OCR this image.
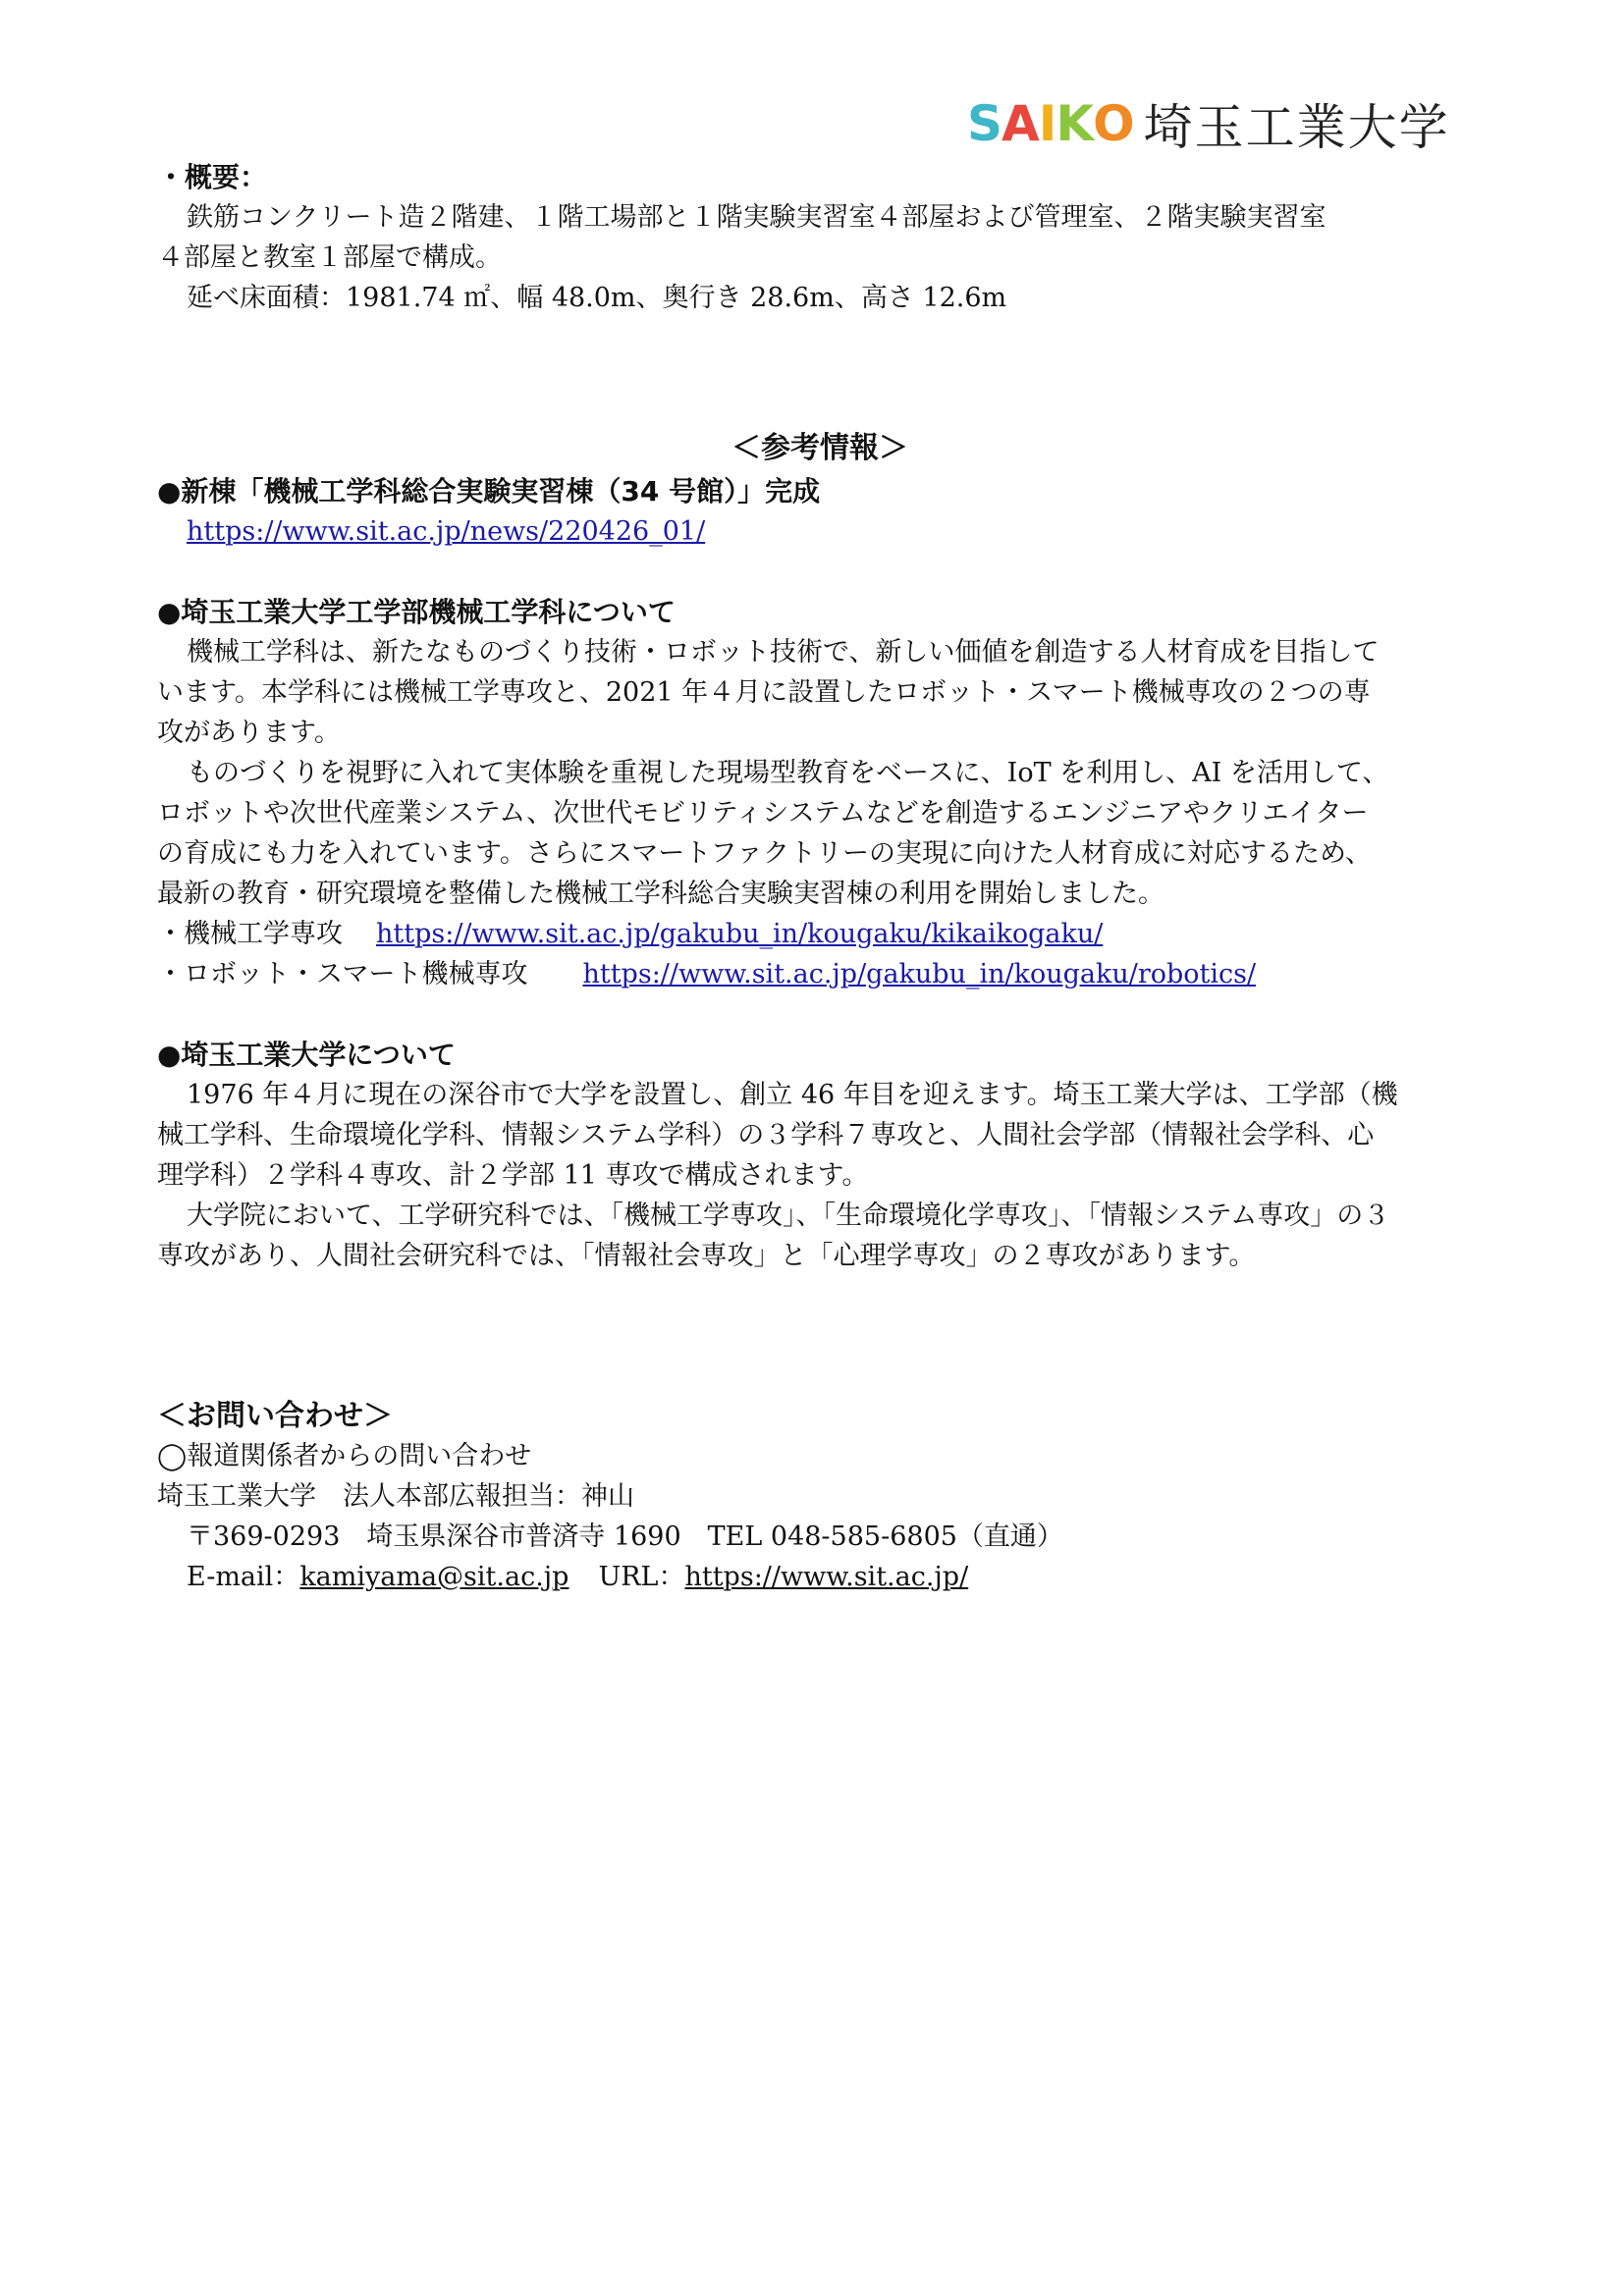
S A I K O 埼玉工業大学
・概要：
鉄筋コンクリート造２階建、１階工場部と１階実験実習室４部屋および管理室、２階実験実習室
４部屋と教室１部屋で構成。
延べ床面積：1981.74 ㎡、幅 48.0m、奥行き 28.6m、高さ 12.6m
＜参考情報＞
●新棟「機械工学科総合実験実習棟（34 号館）」完成
https://www.sit.ac.jp/news/220426_01/
●埼玉工業大学工学部機械工学科について
機械工学科は、新たなものづくり技術・ロボット技術で、新しい価値を創造する人材育成を目指して
います。本学科には機械工学専攻と、2021 年４月に設置したロボット・スマート機械専攻の２つの専
攻があります。
ものづくりを視野に入れて実体験を重視した現場型教育をベースに、IoT を利用し、AI を活用して、
ロボットや次世代産業システム、次世代モビリティシステムなどを創造するエンジニアやクリエイター
の育成にも力を入れています。さらにスマートファクトリーの実現に向けた人材育成に対応するため、
最新の教育・研究環境を整備した機械工学科総合実験実習棟の利用を開始しました。
・機械工学専攻 https://www.sit.ac.jp/gakubu_in/kougaku/kikaikogaku/
・ロボット・スマート機械専攻 https://www.sit.ac.jp/gakubu_in/kougaku/robotics/
●埼玉工業大学について
1976 年４月に現在の深谷市で大学を設置し、創立 46 年目を迎えます。埼玉工業大学は、工学部（機
械工学科、生命環境化学科、情報システム学科）の３学科７専攻と、人間社会学部（情報社会学科、心
理学科）２学科４専攻、計２学部 11 専攻で構成されます。
大学院において、工学研究科では、「機械工学専攻」、「生命環境化学専攻」、「情報システム専攻」の３
専攻があり、人間社会研究科では、「情報社会専攻」と「心理学専攻」の２専攻があります。
＜お問い合わせ＞
◯報道関係者からの問い合わせ
埼玉工業大学　法人本部広報担当：神山
〒369-0293　埼玉県深谷市普済寺 1690　TEL 048-585-6805（直通）
E-mail：kamiyama@sit.ac.jp URL：https://www.sit.ac.jp/
